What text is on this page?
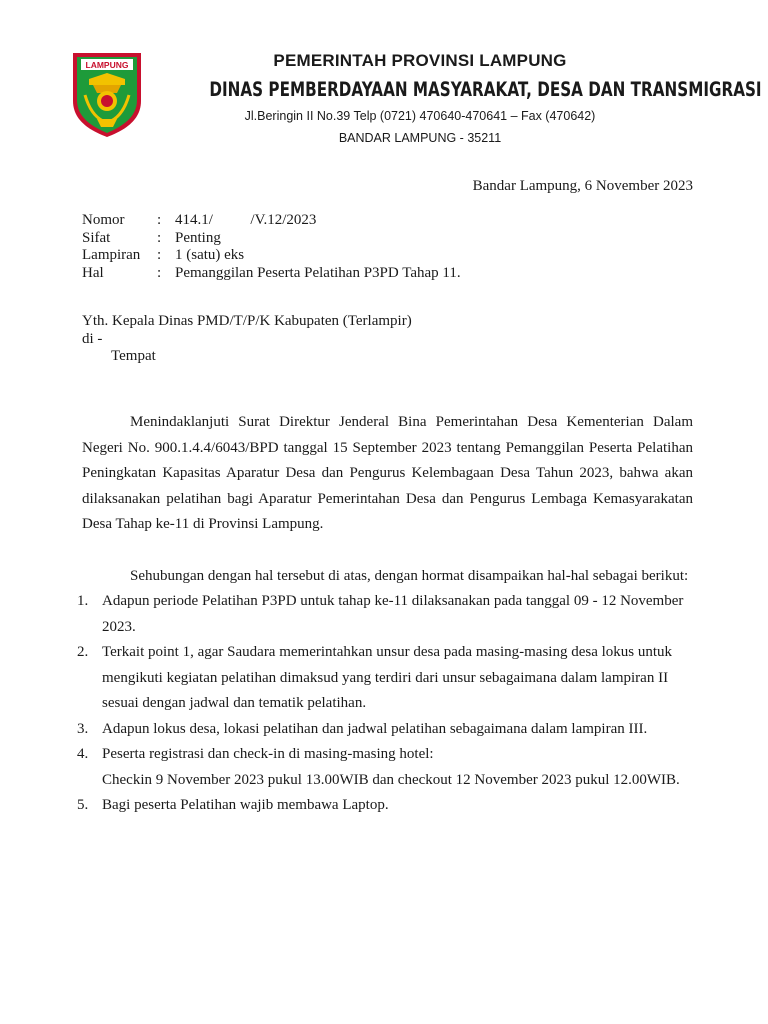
LAMPUNG	PEMERINTAH PROVINSI LAMPUNG
DINAS PEMBERDAYAAN MASYARAKAT, DESA DAN TRANSMIGRASI
Jl.Beringin II No.39 Telp (0721) 470640-470641 – Fax (470642)
BANDAR LAMPUNG - 35211
Bandar Lampung, 6 November 2023
Nomor	: 414.1/          /V.12/2023
Sifat	: Penting
Lampiran	: 1 (satu) eks
Hal	: Pemanggilan Peserta Pelatihan P3PD Tahap 11.
Yth. Kepala Dinas PMD/T/P/K Kabupaten (Terlampir)
di -
Tempat

Menindaklanjuti Surat Direktur Jenderal Bina Pemerintahan Desa Kementerian Dalam Negeri No. 900.1.4.4/6043/BPD tanggal 15 September 2023 tentang Pemanggilan Peserta Pelatihan Peningkatan Kapasitas Aparatur Desa dan Pengurus Kelembagaan Desa Tahun 2023, bahwa akan dilaksanakan pelatihan bagi Aparatur Pemerintahan Desa dan Pengurus Lembaga Kemasyarakatan Desa Tahap ke-11 di Provinsi Lampung.

Sehubungan dengan hal tersebut di atas, dengan hormat disampaikan hal-hal sebagai berikut:

1. Adapun periode Pelatihan P3PD untuk tahap ke-11 dilaksanakan pada tanggal 09 - 12 November 2023.
2. Terkait point 1, agar Saudara memerintahkan unsur desa pada masing-masing desa lokus untuk mengikuti kegiatan pelatihan dimaksud yang terdiri dari unsur sebagaimana dalam lampiran II sesuai dengan jadwal dan tematik pelatihan.
3. Adapun lokus desa, lokasi pelatihan dan jadwal pelatihan sebagaimana dalam lampiran III.
4. Peserta registrasi dan check-in di masing-masing hotel:
Checkin 9 November 2023 pukul 13.00WIB dan checkout 12 November 2023 pukul 12.00WIB.
5. Bagi peserta Pelatihan wajib membawa Laptop.
